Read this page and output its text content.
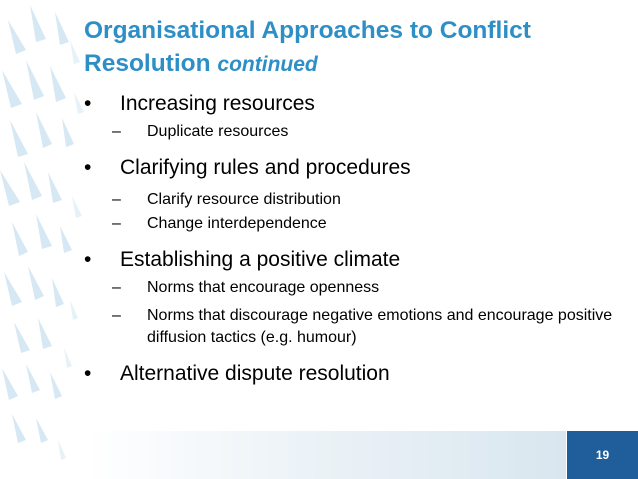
Organisational Approaches to Conflict Resolution continued
• Increasing resources
– Duplicate resources
• Clarifying rules and procedures
– Clarify resource distribution
– Change interdependence
• Establishing a positive climate
– Norms that encourage openness
– Norms that discourage negative emotions and encourage positive diffusion tactics (e.g. humour)
• Alternative dispute resolution
19
